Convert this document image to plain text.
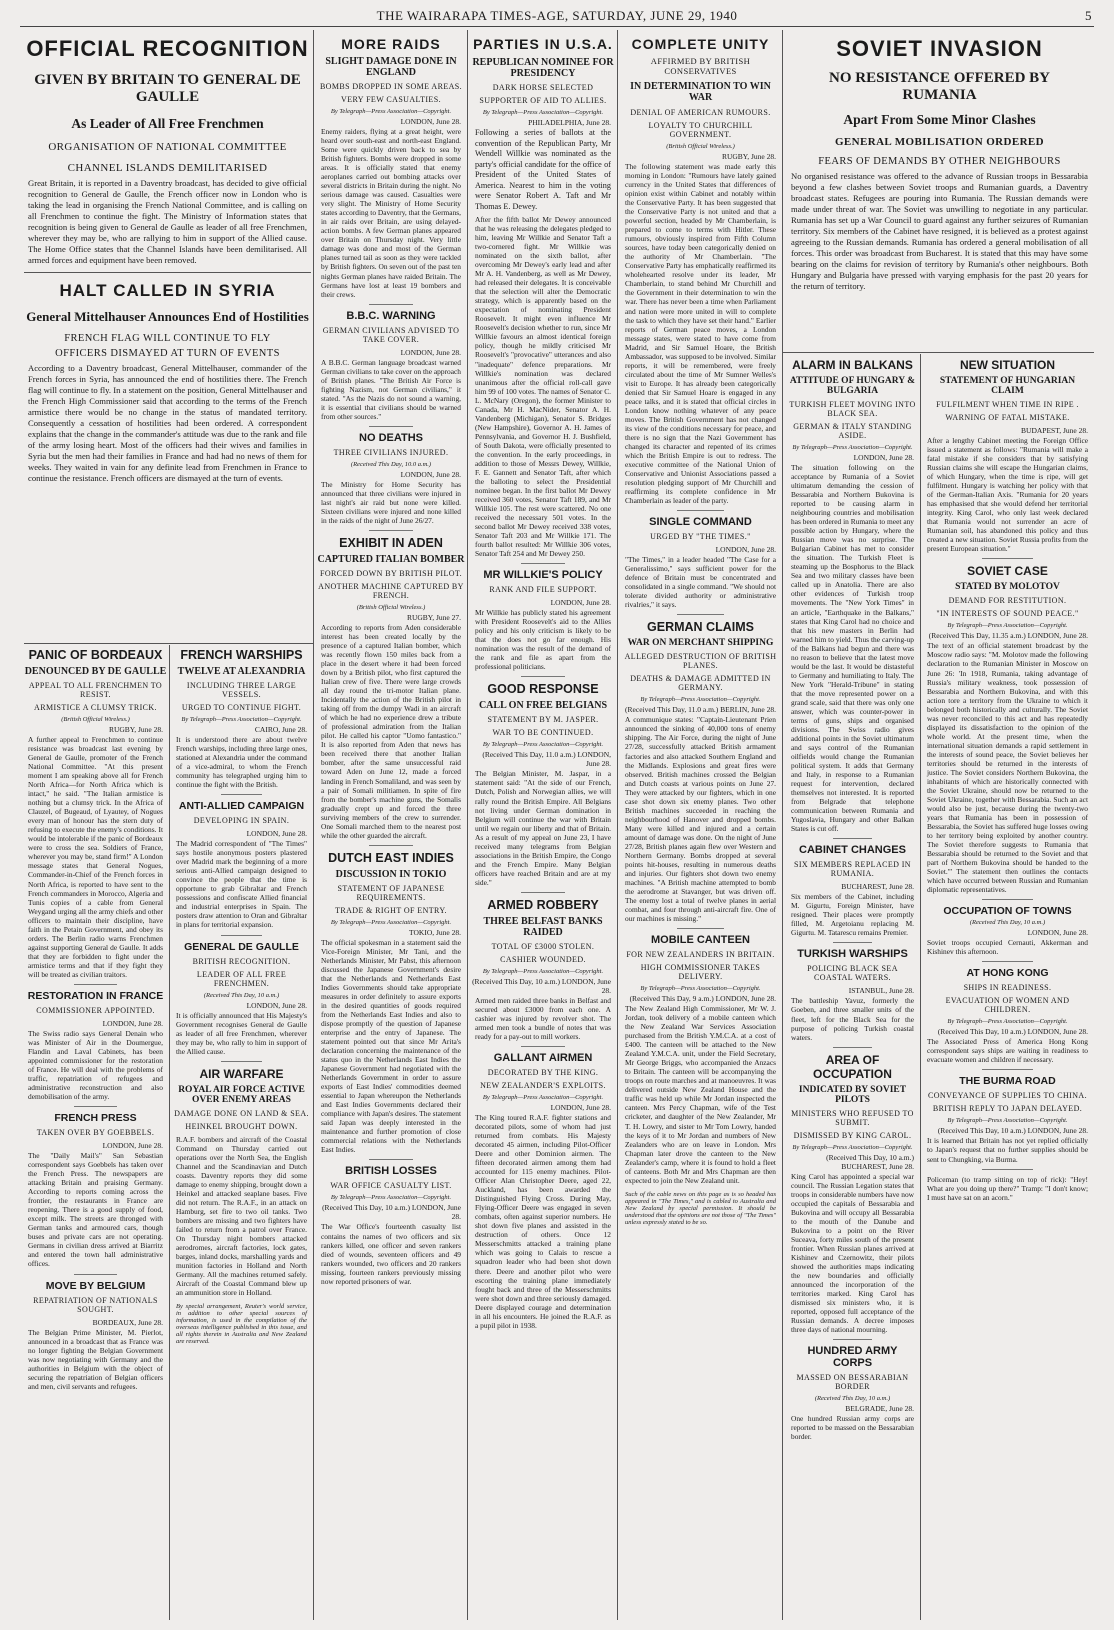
THE WAIRARAPA TIMES-AGE, SATURDAY, JUNE 29, 1940	5
OFFICIAL RECOGNITION
GIVEN BY BRITAIN TO GENERAL DE GAULLE
As Leader of All Free Frenchmen
ORGANISATION OF NATIONAL COMMITTEE
CHANNEL ISLANDS DEMILITARISED

Great Britain, it is reported in a Daventry broadcast, has decided to give official recognition to General de Gaulle, the French officer now in London who is taking the lead in organising the French National Committee, and is calling on all Frenchmen to continue the fight. The Ministry of Information states that recognition is being given to General de Gaulle as leader of all free Frenchmen, wherever they may be, who are rallying to him in support of the Allied cause. The Home Office states that the Channel Islands have been demilitarised. All armed forces and equipment have been removed.

HALT CALLED IN SYRIA
General Mittelhauser Announces End of Hostilities
FRENCH FLAG WILL CONTINUE TO FLY
OFFICERS DISMAYED AT TURN OF EVENTS

According to a Daventry broadcast, General Mittelhauser, commander of the French forces in Syria, has announced the end of hostilities there. The French flag will continue to fly. In a statement on the position, General Mittelhauser and the French High Commissioner said that according to the terms of the French armistice there would be no change in the status of mandated territory. Consequently a cessation of hostilities had been ordered. A correspondent explains that the change in the commander's attitude was due to the rank and file of the army losing heart. Most of the officers had their wives and families in Syria but the men had their families in France and had had no news of them for weeks. They waited in vain for any definite lead from Frenchmen in France to continue the resistance. French officers are dismayed at the turn of events.

PANIC OF BORDEAUX
DENOUNCED BY DE GAULLE
APPEAL TO ALL FRENCHMEN TO RESIST.
ARMISTICE A CLUMSY TRICK.
(British Official Wireless.)
RUGBY, June 28.

A further appeal to Frenchmen to continue resistance was broadcast last evening by General de Gaulle, promoter of the French National Committee. "At this present moment I am speaking above all for French North Africa—for North Africa which is intact," he said. "The Italian armistice is nothing but a clumsy trick. In the Africa of Clauzel, of Bugeaud, of Lyautey, of Nogues every man of honour has the stern duty of refusing to execute the enemy's conditions. It would be intolerable if the panic of Bordeaux were to cross the sea. Soldiers of France, wherever you may be, stand firm!" A London message states that General Nogues, Commander-in-Chief of the French forces in North Africa, is reported to have sent to the French commanders in Morocco, Algeria and Tunis copies of a cable from General Weygand urging all the army chiefs and other officers to maintain their discipline, have faith in the Petain Government, and obey its orders. The Berlin radio warns Frenchmen against supporting General de Gaulle. It adds that they are forbidden to fight under the armistice terms and that if they fight they will be treated as civilian traitors.

RESTORATION IN FRANCE
COMMISSIONER APPOINTED.
LONDON, June 28.

The Swiss radio says General Denain who was Minister of Air in the Doumergue, Flandin and Laval Cabinets, has been appointed commissioner for the restoration of France. He will deal with the problems of traffic, repatriation of refugees and administrative reconstruction and also demobilisation of the army.

FRENCH PRESS
TAKEN OVER BY GOEBBELS.
LONDON, June 28.

The "Daily Mail's" San Sebastian correspondent says Goebbels has taken over the French Press. The newspapers are attacking Britain and praising Germany. According to reports coming across the frontier, the restaurants in France are reopening. There is a good supply of food, except milk. The streets are thronged with German tanks and armoured cars, though buses and private cars are not operating. Germans in civilian dress arrived at Biarritz and entered the town hall administrative offices.

MOVE BY BELGIUM
REPATRIATION OF NATIONALS SOUGHT.
BORDEAUX, June 28.

The Belgian Prime Minister, M. Pierlot, announced in a broadcast that as France was no longer fighting the Belgian Government was now negotiating with Germany and the authorities in Belgium with the object of securing the repatriation of Belgian officers and men, civil servants and refugees.

FRENCH WARSHIPS
TWELVE AT ALEXANDRIA
INCLUDING THREE LARGE VESSELS.
URGED TO CONTINUE FIGHT.
By Telegraph—Press Association—Copyright.
CAIRO, June 28.

It is understood there are about twelve French warships, including three large ones, stationed at Alexandria under the command of a vice-admiral, to whom the French community has telegraphed urging him to continue the fight with the British.

ANTI-ALLIED CAMPAIGN
DEVELOPING IN SPAIN.
LONDON, June 28.

The Madrid correspondent of "The Times" says hostile anonymous posters plastered over Madrid mark the beginning of a more serious anti-Allied campaign designed to convince the people that the time is opportune to grab Gibraltar and French possessions and confiscate Allied financial and industrial enterprises in Spain. The posters draw attention to Oran and Gibraltar in plans for territorial expansion.

GENERAL DE GAULLE
BRITISH RECOGNITION.
LEADER OF ALL FREE FRENCHMEN.
(Received This Day, 10 a.m.)
LONDON, June 28.

It is officially announced that His Majesty's Government recognises General de Gaulle as leader of all free Frenchmen, wherever they may be, who rally to him in support of the Allied cause.

AIR WARFARE
ROYAL AIR FORCE ACTIVE OVER ENEMY AREAS
DAMAGE DONE ON LAND & SEA.
HEINKEL BROUGHT DOWN.

R.A.F. bombers and aircraft of the Coastal Command on Thursday carried out operations over the North Sea, the English Channel and the Scandinavian and Dutch coasts. Daventry reports they did some damage to enemy shipping, brought down a Heinkel and attacked seaplane bases. Five did not return. The R.A.F., in an attack on Hamburg, set fire to two oil tanks. Two bombers are missing and two fighters have failed to return from a patrol over France. On Thursday night bombers attacked aerodromes, aircraft factories, lock gates, barges, inland docks, marshalling yards and munition factories in Holland and North Germany. All the machines returned safely. Aircraft of the Coastal Command blew up an ammunition store in Holland.

By special arrangement, Reuter's world service, in addition to other special sources of information, is used in the compilation of the overseas intelligence published in this issue, and all rights therein in Australia and New Zealand are reserved.

MORE RAIDS
SLIGHT DAMAGE DONE IN ENGLAND
BOMBS DROPPED IN SOME AREAS.
VERY FEW CASUALTIES.
By Telegraph—Press Association—Copyright.
LONDON, June 28.

Enemy raiders, flying at a great height, were heard over south-east and north-east England. Some were quickly driven back to sea by British fighters. Bombs were dropped in some areas. It is officially stated that enemy aeroplanes carried out bombing attacks over several districts in Britain during the night. No serious damage was caused. Casualties were very slight. The Ministry of Home Security states according to Daventry, that the Germans, in air raids over Britain, are using delayed-action bombs. A few German planes appeared over Britain on Thursday night. Very little damage was done and most of the German planes turned tail as soon as they were tackled by British fighters. On seven out of the past ten nights German planes have raided Britain. The Germans have lost at least 19 bombers and their crews.

B.B.C. WARNING
GERMAN CIVILIANS ADVISED TO TAKE COVER.
LONDON, June 28.

A B.B.C. German language broadcast warned German civilians to take cover on the approach of British planes. "The British Air Force is fighting Nazism, not German civilians," it stated. "As the Nazis do not sound a warning, it is essential that civilians should be warned from other sources."

NO DEATHS
THREE CIVILIANS INJURED.
(Received This Day, 10.0 a.m.)
LONDON, June 28.

The Ministry for Home Security has announced that three civilians were injured in last night's air raid but none were killed. Sixteen civilians were injured and none killed in the raids of the night of June 26/27.

EXHIBIT IN ADEN
CAPTURED ITALIAN BOMBER
FORCED DOWN BY BRITISH PILOT.
ANOTHER MACHINE CAPTURED BY FRENCH.
(British Official Wireless.)
RUGBY, June 27.

According to reports from Aden considerable interest has been created locally by the presence of a captured Italian bomber, which was recently flown 150 miles back from a place in the desert where it had been forced down by a British pilot, who first captured the Italian crew of five. There were large crowds all day round the tri-motor Italian plane. Incidentally the action of the British pilot in taking off from the dumpy Wadi in an aircraft of which he had no experience drew a tribute of professional admiration from the Italian pilot. He called his captor "Uomo fantastico." It is also reported from Aden that news has been received there that another Italian bomber, after the same unsuccessful raid toward Aden on June 12, made a forced landing in French Somaliland, and was seen by a pair of Somali militiamen. In spite of fire from the bomber's machine guns, the Somalis gradually crept up and forced the three surviving members of the crew to surrender. One Somali marched them to the nearest post while the other guarded the aircraft.

DUTCH EAST INDIES
DISCUSSION IN TOKIO
STATEMENT OF JAPANESE REQUIREMENTS.
TRADE & RIGHT OF ENTRY.
By Telegraph—Press Association—Copyright.
TOKIO, June 28.

The official spokesman in a statement said the Vice-Foreign Minister, Mr Tani, and the Netherlands Minister, Mr Pabst, this afternoon discussed the Japanese Government's desire that the Netherlands and Netherlands East Indies Governments should take appropriate measures in order definitely to assure exports in the desired quantities of goods required from the Netherlands East Indies and also to dispose promptly of the question of Japanese enterprise and the entry of Japanese. The statement pointed out that since Mr Arita's declaration concerning the maintenance of the status quo in the Netherlands East Indies the Japanese Government had negotiated with the Netherlands Government in order to assure exports of East Indies' commodities deemed essential to Japan whereupon the Netherlands and East Indies Governments declared their compliance with Japan's desires. The statement said Japan was deeply interested in the maintenance and further promotion of close commercial relations with the Netherlands East Indies.

BRITISH LOSSES
WAR OFFICE CASUALTY LIST.
By Telegraph—Press Association—Copyright.
(Received This Day, 10 a.m.) LONDON, June 28.

The War Office's fourteenth casualty list contains the names of two officers and six rankers killed, one officer and seven rankers died of wounds, seventeen officers and 49 rankers wounded, two officers and 20 rankers missing, fourteen rankers previously missing now reported prisoners of war.

PARTIES IN U.S.A.
REPUBLICAN NOMINEE FOR PRESIDENCY
DARK HORSE SELECTED
SUPPORTER OF AID TO ALLIES.
By Telegraph—Press Association—Copyright.
PHILADELPHIA, June 28.

Following a series of ballots at the convention of the Republican Party, Mr Wendell Willkie was nominated as the party's official candidate for the office of President of the United States of America. Nearest to him in the voting were Senator Robert A. Taft and Mr Thomas E. Dewey.

After the fifth ballot Mr Dewey announced that he was releasing the delegates pledged to him, leaving Mr Willkie and Senator Taft a two-cornered fight. Mr Willkie was nominated on the sixth ballot, after overcoming Mr Dewey's early lead and after Mr A. H. Vandenberg, as well as Mr Dewey, had released their delegates. It is conceivable that the selection will alter the Democratic strategy, which is apparently based on the expectation of nominating President Roosevelt. It might even influence Mr Roosevelt's decision whether to run, since Mr Willkie favours an almost identical foreign policy, though he mildly criticised Mr Roosevelt's "provocative" utterances and also "inadequate" defence preparations. Mr Willkie's nomination was declared unanimous after the official roll-call gave him 99 of 100 votes. The names of Senator C. L. McNary (Oregon), the former Minister to Canada, Mr H. MacNider, Senator A. H. Vandenberg (Michigan), Senator S. Bridges (New Hampshire), Governor A. H. James of Pennsylvania, and Governor H. J. Bushfield, of South Dakota, were officially presented to the convention. In the early proceedings, in addition to those of Messrs Dewey, Willkie, F. E. Gannett and Senator Taft, after which the balloting to select the Presidential nominee began. In the first ballot Mr Dewey received 360 votes, Senator Taft 189, and Mr Willkie 105. The rest were scattered. No one received the necessary 501 votes. In the second ballot Mr Dewey received 338 votes, Senator Taft 203 and Mr Willkie 171. The fourth ballot resulted: Mr Willkie 306 votes, Senator Taft 254 and Mr Dewey 250.

MR WILLKIE'S POLICY
RANK AND FILE SUPPORT.
LONDON, June 28.

Mr Willkie has publicly stated his agreement with President Roosevelt's aid to the Allies policy and his only criticism is likely to be that the does not go far enough. His nomination was the result of the demand of the rank and file as apart from the professional politicians.

GOOD RESPONSE
CALL ON FREE BELGIANS
STATEMENT BY M. JASPER.
WAR TO BE CONTINUED.
By Telegraph—Press Association—Copyright.
(Received This Day, 11.0 a.m.) LONDON, June 28.

The Belgian Minister, M. Jaspar, in a statement said: "At the side of our French, Dutch, Polish and Norwegian allies, we will rally round the British Empire. All Belgians not living under German domination in Belgium will continue the war with Britain until we regain our liberty and that of Britain. As a result of my appeal on June 23, I have received many telegrams from Belgian associations in the British Empire, the Congo and the French Empire. Many Belgian officers have reached Britain and are at my side."

ARMED ROBBERY
THREE BELFAST BANKS RAIDED
TOTAL OF £3000 STOLEN.
CASHIER WOUNDED.
By Telegraph—Press Association—Copyright.
(Received This Day, 10 a.m.) LONDON, June 28.

Armed men raided three banks in Belfast and secured about £3000 from each one. A cashier was injured by revolver shot. The armed men took a bundle of notes that was ready for a pay-out to mill workers.

GALLANT AIRMEN
DECORATED BY THE KING.
NEW ZEALANDER'S EXPLOITS.
By Telegraph—Press Association—Copyright.
LONDON, June 28.

The King toured R.A.F. fighter stations and decorated pilots, some of whom had just returned from combats. His Majesty decorated 45 airmen, including Pilot-Officer Deere and other Dominion airmen. The fifteen decorated airmen among them had accounted for 115 enemy machines. Pilot-Officer Alan Christopher Deere, aged 22, Auckland, has been awarded the Distinguished Flying Cross. During May, Flying-Officer Deere was engaged in seven combats, often against superior numbers. He shot down five planes and assisted in the destruction of others. Once 12 Messerschmitts attacked a training plane which was going to Calais to rescue a squadron leader who had been shot down there. Deere and another pilot who were escorting the training plane immediately fought back and three of the Messerschmitts were shot down and three seriously damaged. Deere displayed courage and determination in all his encounters. He joined the R.A.F. as a pupil pilot in 1938.

COMPLETE UNITY
AFFIRMED BY BRITISH CONSERVATIVES
IN DETERMINATION TO WIN WAR
DENIAL OF AMERICAN RUMOURS.
LOYALTY TO CHURCHILL GOVERNMENT.
(British Official Wireless.)
RUGBY, June 28.

The following statement was made early this morning in London: "Rumours have lately gained currency in the United States that differences of opinion exist within Cabinet and notably within the Conservative Party. It has been suggested that the Conservative Party is not united and that a powerful section, headed by Mr Chamberlain, is prepared to come to terms with Hitler. These rumours, obviously inspired from Fifth Column sources, have today been categorically denied on the authority of Mr Chamberlain. "The Conservative Party has emphatically reaffirmed its wholehearted resolve under its leader, Mr Chamberlain, to stand behind Mr Churchill and the Government in their determination to win the war. There has never been a time when Parliament and nation were more united in will to complete the task to which they have set their hand." Earlier reports of German peace moves, a London message states, were stated to have come from Madrid, and Sir Samuel Hoare, the British Ambassador, was supposed to be involved. Similar reports, it will be remembered, were freely circulated about the time of Mr Sumner Welles's visit to Europe. It has already been categorically denied that Sir Samuel Hoare is engaged in any peace talks, and it is stated that official circles in London know nothing whatever of any peace moves. The British Government has not changed its view of the conditions necessary for peace, and there is no sign that the Nazi Government has changed its character and repented of its crimes which the British Empire is out to redress. The executive committee of the National Union of Conservative and Unionist Associations passed a resolution pledging support of Mr Churchill and reaffirming its complete confidence in Mr Chamberlain as leader of the party.

SINGLE COMMAND
URGED BY "THE TIMES."
LONDON, June 28.

"The Times," in a leader headed "The Case for a Generalissimo," says sufficient power for the defence of Britain must be concentrated and consolidated in a single command. "We should not tolerate divided authority or administrative rivalries," it says.

GERMAN CLAIMS
WAR ON MERCHANT SHIPPING
ALLEGED DESTRUCTION OF BRITISH PLANES.
DEATHS & DAMAGE ADMITTED IN GERMANY.
By Telegraph—Press Association—Copyright.
(Received This Day, 11.0 a.m.) BERLIN, June 28.

A communique states: "Captain-Lieutenant Prien announced the sinking of 40,000 tons of enemy shipping. The Air Force, during the night of June 27/28, successfully attacked British armament factories and also attacked Southern England and the Midlands. Explosions and great fires were observed. British machines crossed the Belgian and Dutch coasts at various points on June 27. They were attacked by our fighters, which in one case shot down six enemy planes. Two other British machines succeeded in reaching the neighbourhood of Hanover and dropped bombs. Many were killed and injured and a certain amount of damage was done. On the night of June 27/28, British planes again flew over Western and Northern Germany. Bombs dropped at several points hit-houses, resulting in numerous deaths and injuries. Our fighters shot down two enemy machines. "A British machine attempted to bomb the aerodrome at Stavanger, but was driven off. The enemy lost a total of twelve planes in aerial combat, and four through anti-aircraft fire. One of our machines is missing."

MOBILE CANTEEN
FOR NEW ZEALANDERS IN BRITAIN.
HIGH COMMISSIONER TAKES DELIVERY.
By Telegraph—Press Association—Copyright.
(Received This Day, 9 a.m.) LONDON, June 28.

The New Zealand High Commissioner, Mr W. J. Jordan, took delivery of a mobile canteen which the New Zealand War Services Association purchased from the British Y.M.C.A. at a cost of £400. The canteen will be attached to the New Zealand Y.M.C.A. unit, under the Field Secretary, Mr George Briggs, who accompanied the Anzacs to Britain. The canteen will be accompanying the troops on route marches and at manoeuvres. It was delivered outside New Zealand House and the traffic was held up while Mr Jordan inspected the canteen. Mrs Percy Chapman, wife of the Test cricketer, and daughter of the New Zealander, Mr T. H. Lowry, and sister to Mr Tom Lowry, handed the keys of it to Mr Jordan and numbers of New Zealanders who are on leave in London. Mrs Chapman later drove the canteen to the New Zealander's camp, where it is found to hold a fleet of canteens. Both Mr and Mrs Chapman are then expected to join the New Zealand unit.

Such of the cable news on this page as is so headed has appeared in "The Times," and is cabled to Australia and New Zealand by special permission. It should be understood that the opinions are not those of "The Times" unless expressly stated to be so.

SOVIET INVASION
NO RESISTANCE OFFERED BY RUMANIA
Apart From Some Minor Clashes
GENERAL MOBILISATION ORDERED
FEARS OF DEMANDS BY OTHER NEIGHBOURS

No organised resistance was offered to the advance of Russian troops in Bessarabia beyond a few clashes between Soviet troops and Rumanian guards, a Daventry broadcast states. Refugees are pouring into Rumania. The Russian demands were made under threat of war. The Soviet was unwilling to negotiate in any particular. Rumania has set up a War Council to guard against any further seizures of Rumanian territory. Six members of the Cabinet have resigned, it is believed as a protest against agreeing to the Russian demands. Rumania has ordered a general mobilisation of all forces. This order was broadcast from Bucharest. It is stated that this may have some bearing on the claims for revision of territory by Rumania's other neighbours. Both Hungary and Bulgaria have pressed with varying emphasis for the past 20 years for the return of territory.

ALARM IN BALKANS
ATTITUDE OF HUNGARY & BULGARIA
TURKISH FLEET MOVING INTO BLACK SEA.
GERMAN & ITALY STANDING ASIDE.
By Telegraph—Press Association—Copyright.
LONDON, June 28.

The situation following on the acceptance by Rumania of a Soviet ultimatum demanding the cession of Bessarabia and Northern Bukovina is reported to be causing alarm in neighbouring countries and mobilisation has been ordered in Rumania to meet any possible action by Hungary, where the Russian move was no surprise. The Bulgarian Cabinet has met to consider the situation. The Turkish Fleet is steaming up the Bosphorus to the Black Sea and two military classes have been called up in Anatolia. There are also other evidences of Turkish troop movements. The "New York Times" in an article, "Earthquake in the Balkans," states that King Carol had no choice and that his new masters in Berlin had warned him to yield. Thus the carving-up of the Balkans had begun and there was no reason to believe that the latest move would be the last. It would be distasteful to Germany and humiliating to Italy. The New York "Herald-Tribune" in stating that the move represented power on a grand scale, said that there was only one answer, which was counter-power in terms of guns, ships and organised divisions. The Swiss radio gives additional points in the Soviet ultimatum and says control of the Rumanian oilfields would change the Rumanian political system. It adds that Germany and Italy, in response to a Rumanian request for intervention, declared themselves not interested. It is reported from Belgrade that telephone communication between Rumania and Yugoslavia, Hungary and other Balkan States is cut off.

CABINET CHANGES
SIX MEMBERS REPLACED IN RUMANIA.
BUCHAREST, June 28.

Six members of the Cabinet, including M. Gigurtu, Foreign Minister, have resigned. Their places were promptly filled, M. Argetoianu replacing M. Gigurtu. M. Tatarescu remains Premier.

TURKISH WARSHIPS
POLICING BLACK SEA COASTAL WATERS.
ISTANBUL, June 28.

The battleship Yavuz, formerly the Goeben, and three smaller units of the fleet, left for the Black Sea for the purpose of policing Turkish coastal waters.

AREA OF OCCUPATION
INDICATED BY SOVIET PILOTS
MINISTERS WHO REFUSED TO SUBMIT.
DISMISSED BY KING CAROL.
By Telegraph—Press Association—Copyright.
(Received This Day, 10 a.m.) BUCHAREST, June 28.

King Carol has appointed a special war council. The Russian Legation states that troops in considerable numbers have now occupied the capitals of Bessarabia and Bukovina and will occupy all Bessarabia to the mouth of the Danube and Bukovina to a point on the River Suceava, forty miles south of the present frontier. When Russian planes arrived at Kishinev and Czernowitz, their pilots showed the authorities maps indicating the new boundaries and officially announced the incorporation of the territories marked. King Carol has dismissed six ministers who, it is reported, opposed full acceptance of the Russian demands. A decree imposes three days of national mourning.

HUNDRED ARMY CORPS
MASSED ON BESSARABIAN BORDER
(Received This Day, 10 a.m.)
BELGRADE, June 28.

One hundred Russian army corps are reported to be massed on the Bessarabian border.

NEW SITUATION
STATEMENT OF HUNGARIAN CLAIM
FULFILMENT WHEN TIME IN RIPE .
WARNING OF FATAL MISTAKE.
BUDAPEST, June 28.

After a lengthy Cabinet meeting the Foreign Office issued a statement as follows: "Rumania will make a fatal mistake if she considers that by satisfying Russian claims she will escape the Hungarian claims, of which Hungary, when the time is ripe, will get fulfilment. Hungary is watching her policy with that of the German-Italian Axis. "Rumania for 20 years has emphasised that she would defend her territorial integrity. King Carol, who only last week declared that Rumania would not surrender an acre of Rumanian soil, has abandoned this policy and thus created a new situation. Soviet Russia profits from the present European situation."

SOVIET CASE
STATED BY MOLOTOV
DEMAND FOR RESTITUTION.
"IN INTERESTS OF SOUND PEACE."
By Telegraph—Press Association—Copyright.
(Received This Day, 11.35 a.m.) LONDON, June 28.

The text of an official statement broadcast by the Moscow radio says: "M. Molotov made the following declaration to the Rumanian Minister in Moscow on June 26: 'In 1918, Rumania, taking advantage of Russia's military weakness, took possession of Bessarabia and Northern Bukovina, and with this action tore a territory from the Ukraine to which it belonged both historically and culturally. The Soviet was never reconciled to this act and has repeatedly displayed its dissatisfaction to the opinion of the whole world. At the present time, when the international situation demands a rapid settlement in the interests of sound peace, the Soviet believes her territories should be returned in the interests of justice. The Soviet considers Northern Bukovina, the inhabitants of which are historically connected with the Soviet Ukraine, should now be returned to the Soviet Ukraine, together with Bessarabia. Such an act would also be just, because during the twenty-two years that Rumania has been in possession of Bessarabia, the Soviet has suffered huge losses owing to her territory being exploited by another country. The Soviet therefore suggests to Rumania that Bessarabia should be returned to the Soviet and that part of Northern Bukovina should be handed to the Soviet.'" The statement then outlines the contacts which have occurred between Russian and Rumanian diplomatic representatives.

OCCUPATION OF TOWNS
(Received This Day, 10 a.m.)
LONDON, June 28.

Soviet troops occupied Cernauti, Akkerman and Kishinev this afternoon.

AT HONG KONG
SHIPS IN READINESS.
EVACUATION OF WOMEN AND CHILDREN.
By Telegraph—Press Association—Copyright.
(Received This Day, 10 a.m.) LONDON, June 28.

The Associated Press of America Hong Kong correspondent says ships are waiting in readiness to evacuate women and children if necessary.

THE BURMA ROAD
CONVEYANCE OF SUPPLIES TO CHINA.
BRITISH REPLY TO JAPAN DELAYED.
By Telegraph—Press Association—Copyright.
(Received This Day, 10 a.m.) LONDON, June 28.

It is learned that Britain has not yet replied officially to Japan's request that no further supplies should be sent to Chungking, via Burma.

Policeman (to tramp sitting on top of rick): "Hey! What are you doing up there?" Tramp: "I don't know; I must have sat on an acorn."
